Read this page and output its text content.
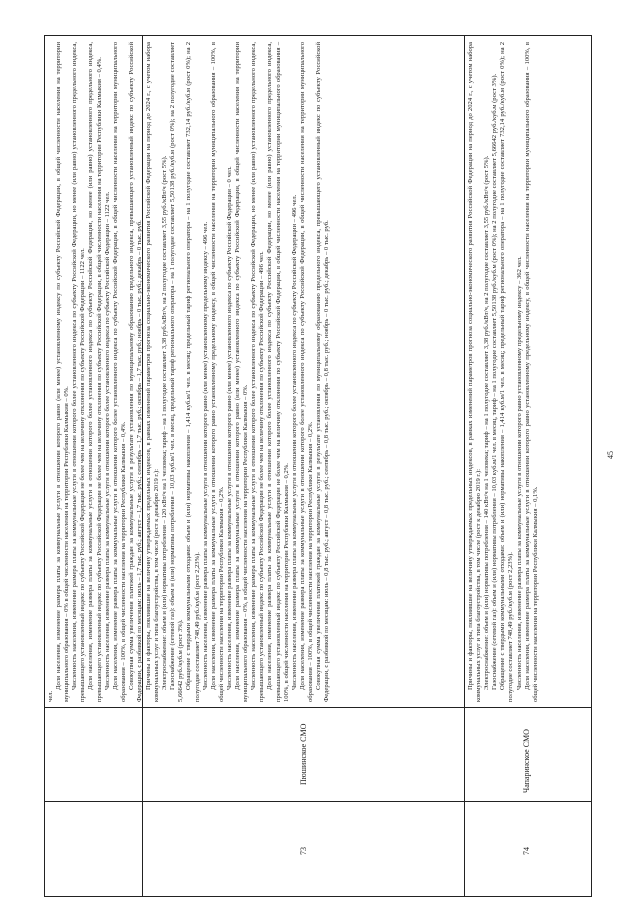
чел.

Доля населения, изменение размера платы за коммунальные услуги в отношении которого равно (или менее) установленному индексу по субъекту Российской Федерации, в общей численности населения на территории муниципального образования – 0% в общей численности населения на территории Республики Калмыкия – 0%. Численность населения, изменение размера платы за коммунальные услуги в отношении которого более установленного индекса по субъекту Российской Федерации, но менее (или равно) установленного предельного индекса, превышающего установленный индекс по субъекту Российской Федерации не более чем на величину отклонения по субъекту Российской Федерации – 1122 чел. Доля населения, изменение размера платы за коммунальные услуги в отношении которого более установленного индекса по субъекту Российской Федерации, но менее (или равно) установленного предельного индекса, превышающего установленный индекс по субъекту Российской Федерации не более чем на величину отклонения по субъекту Российской Федерации, в общей численности населения на территории Республики Калмыкия – 0,4%. Численность населения, изменение размера платы за коммунальные услуги в отношении которого более установленного индекса по субъекту Российской Федерации – 1122 чел. Доля населения, изменение размера платы за коммунальные услуги в отношении которого более установленного индекса по субъекту Российской Федерации, в общей численности населения на территории муниципального образования – 100%, в общей численности населения на территории Республики Калмыкия – 0,4%. Совокупная сумма увеличения платежей граждан за коммунальные услуги в результате установления по муниципальному образованию предельного индекса, превышающего установленный индекс по субъекту Российской Федерации, с разбивкой по месяцам: июль – 1,7 тыс. руб.; август – 1,7 тыс. руб.; сентябрь – 1,7 тыс. руб.; октябрь – 1,7 тыс. руб.; ноябрь – 0 тыс. руб.; декабрь – 0 тыс. руб.

73
Пюшинское СМО

Причины и факторы, повлиявшие на величину утверждаемых предельных индексов, в рамках изменений параметров прогноза социально-экономического развития Российской Федерации на период до 2024 г., с учетом набора коммунальных услуг и типа благоустройства, в том числе (рост к декабрю 2019 г.): Электроснабжение: объем и (или) нормативы потребления – 120 кВт/ч на 1 человека; тариф – на 1 полугодие составляет 3,38 руб./кВт/ч, на 2 полугодие составляет 3,55 руб./кВт/ч (рост 5%). Газоснабжение (сетевой газ): объем и (или) нормативы потребления – 10,03 куб.м/1 чел. в месяц, предельный тариф регионального оператора – на 1 полугодие составляет 5,50138 руб./куб.м (рост 0%); на 2 полугодие составляет 5,66642 руб./куб.м (рост 3%). Обращение с твердыми коммунальными отходами: объем и (или) нормативы накопления – 1,414 куб.м/1 чел. в месяц; предельный тариф регионального оператора – на 1 полугодие составляет 732,14 руб./куб.м (рост 0%); на 2 полугодие составляет 748,49 руб./куб.м (рост 2,23%). Численность населения, изменение размера платы за коммунальные услуги в отношении которого равно (или менее) установленному предельному индексу – 496 чел. Доля населения, изменение размера платы за коммунальные услуги в отношении которого равно установленному предельному индексу, в общей численности населения на территории муниципального образования – 100%, в общей численности населения на территории Республики Калмыкия – 0,2%. Численность населения, изменение размера платы за коммунальные услуги в отношении которого равно (или менее) установленного индекса по субъекту Российской Федерации – 0 чел. Доля населения, изменение размера платы за коммунальные услуги в отношении которого равно (или менее) установленного индекса по субъекту Российской Федерации, в общей численности населения на территории муниципального образования – 0%, в общей численности населения на территории Республики Калмыкия – 0%. Численность населения, изменение размера платы за коммунальные услуги в отношении которого более установленного индекса по субъекту Российской Федерации, но менее (или равно) установленного предельного индекса, превышающего установленный индекс по субъекту Российской Федерации не более чем на величину отклонения по субъекту Российской Федерации – 496 чел. Доля населения, изменение размера платы за коммунальные услуги в отношении которого более установленного индекса по субъекту Российской Федерации, но менее (или равно) установленного предельного индекса, превышающего установленный индекс по субъекту Российской Федерации не более чем на величину отклонения по субъекту Российской Федерации, в общей численности населения на территории муниципального образования – 100%, в общей численности населения на территории Республики Калмыкия – 0,2%. Численность населения, изменение размера платы за коммунальные услуги в отношении которого более установленного индекса по субъекту Российской Федерации – 496 чел. Доля населения, изменение размера платы за коммунальные услуги в отношении которого более установленного индекса по субъекту Российской Федерации, в общей численности населения на территории муниципального образования – 100%, в общей численности населения на территории Республики Калмыкия – 0,2%. Совокупная сумма увеличения платежей граждан за коммунальные услуги в результате установления по муниципальному образованию предельного индекса, превышающего установленный индекс по субъекту Российской Федерации, с разбивкой по месяцам: июль – 0,8 тыс. руб.; август – 0,8 тыс. руб.; сентябрь – 0,8 тыс. руб.; октябрь – 0,8 тыс. руб.; ноябрь – 0 тыс. руб.; декабрь – 0 тыс. руб.

74
Чапаринское СМО

Причины и факторы, повлиявшие на величину утверждаемых предельных индексов, в рамках изменений параметров прогноза социально-экономического развития Российской Федерации на период до 2024 г., с учетом набора коммунальных услуг и типа благоустройства, в том числе (рост к декабрю 2019 г.): Электроснабжение: объем и (или) нормативы потребления – 140 кВт/ч на 1 человека; тариф – на 1 полугодие составляет 3,38 руб./кВт/ч, на 2 полугодие составляет 3,55 руб./кВт/ч (рост 5%). Газоснабжение (сетевой газ): объем и (или) нормативы потребления – 10,03 куб.м/1 чел. в месяц, тариф – на 1 полугодие составляет 5,50138 руб./куб.м (рост 0%); на 2 полугодие составляет 5,66642 руб./куб.м (рост 3%). Обращение с твердыми коммунальными отходами: объем и (или) нормативы накопления – 1,414 куб.м/1 чел. в месяц; предельный тариф регионального оператора – на 1 полугодие составляет 732,14 руб./куб.м (рост 0%); на 2 полугодие составляет 748,49 руб./куб.м (рост 2,23%). Численность населения, изменение размера платы за коммунальные услуги в отношении которого равно установленному предельному индексу – 362 чел. Доля населения, изменение размера платы за коммунальные услуги в отношении которого равно установленному предельному индексу, в общей численности населения на территории муниципального образования – 100%, в общей численности населения на территории Республики Калмыкия – 0,1%.

45
